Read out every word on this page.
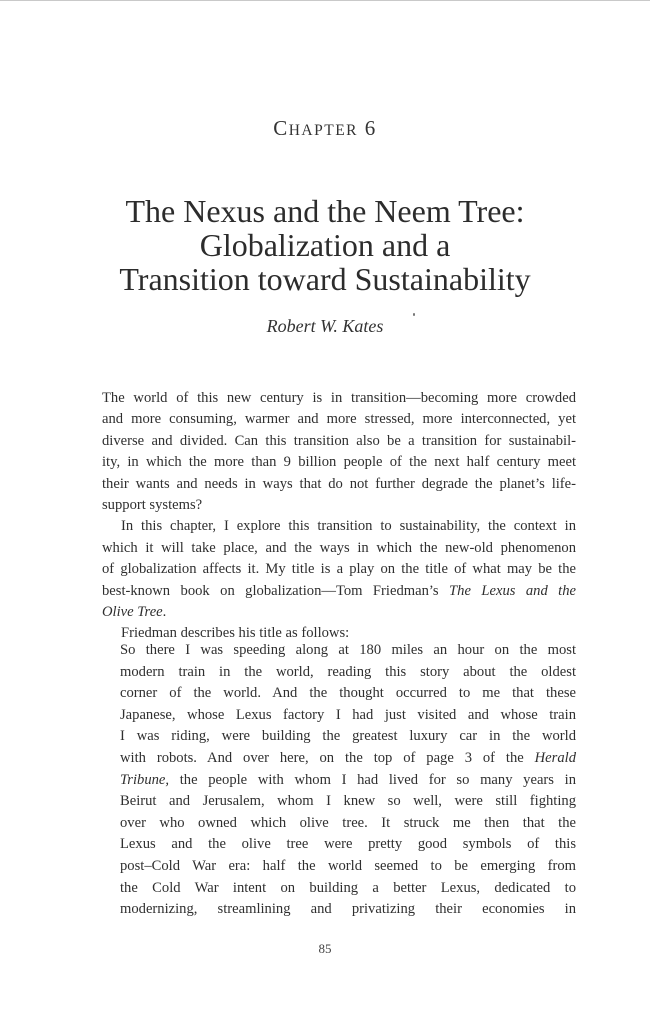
CHAPTER 6
The Nexus and the Neem Tree:
Globalization and a
Transition toward Sustainability
Robert W. Kates
The world of this new century is in transition—becoming more crowded
and more consuming, warmer and more stressed, more interconnected, yet
diverse and divided. Can this transition also be a transition for sustainabil-
ity, in which the more than 9 billion people of the next half century meet
their wants and needs in ways that do not further degrade the planet’s life-
support systems?
In this chapter, I explore this transition to sustainability, the context in
which it will take place, and the ways in which the new-old phenomenon
of globalization affects it. My title is a play on the title of what may be the
best-known book on globalization—Tom Friedman’s The Lexus and the
Olive Tree.
Friedman describes his title as follows:
So there I was speeding along at 180 miles an hour on the most
modern train in the world, reading this story about the oldest
corner of the world. And the thought occurred to me that these
Japanese, whose Lexus factory I had just visited and whose train
I was riding, were building the greatest luxury car in the world
with robots. And over here, on the top of page 3 of the Herald
Tribune, the people with whom I had lived for so many years in
Beirut and Jerusalem, whom I knew so well, were still fighting
over who owned which olive tree. It struck me then that the
Lexus and the olive tree were pretty good symbols of this
post–Cold War era: half the world seemed to be emerging from
the Cold War intent on building a better Lexus, dedicated to
modernizing, streamlining and privatizing their economies in
85
